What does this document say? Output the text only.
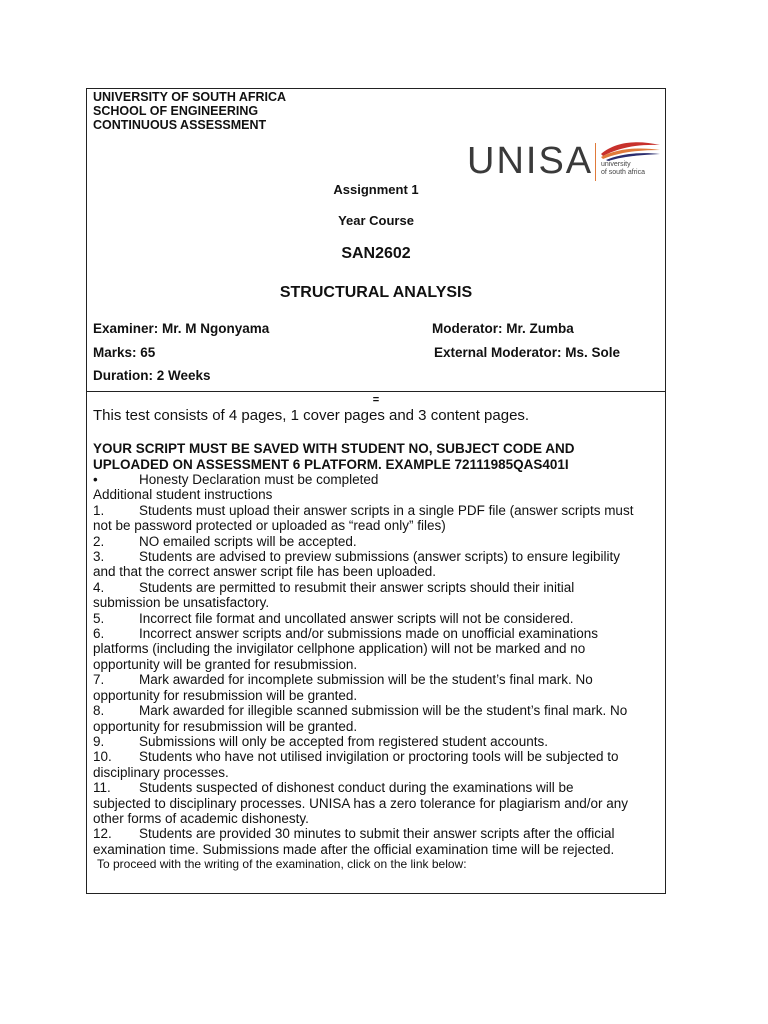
UNIVERSITY OF SOUTH AFRICA
SCHOOL OF ENGINEERING
CONTINUOUS ASSESSMENT
UNISA university
of south africa
Assignment 1
Year Course
SAN2602
STRUCTURAL ANALYSIS
Examiner: Mr. M Ngonyama	Moderator: Mr. Zumba
Marks: 65	External Moderator: Ms. Sole
Duration: 2 Weeks
=
This test consists of 4 pages, 1 cover pages and 3 content pages.
YOUR SCRIPT MUST BE SAVED WITH STUDENT NO, SUBJECT CODE AND
UPLOADED ON ASSESSMENT 6 PLATFORM. EXAMPLE 72111985QAS401I
•	Honesty Declaration must be completed
Additional student instructions
1.	Students must upload their answer scripts in a single PDF file (answer scripts must
not be password protected or uploaded as “read only” files)
2.	NO emailed scripts will be accepted.
3.	Students are advised to preview submissions (answer scripts) to ensure legibility
and that the correct answer script file has been uploaded.
4.	Students are permitted to resubmit their answer scripts should their initial
submission be unsatisfactory.
5.	Incorrect file format and uncollated answer scripts will not be considered.
6.	Incorrect answer scripts and/or submissions made on unofficial examinations
platforms (including the invigilator cellphone application) will not be marked and no
opportunity will be granted for resubmission.
7.	Mark awarded for incomplete submission will be the student’s final mark. No
opportunity for resubmission will be granted.
8.	Mark awarded for illegible scanned submission will be the student’s final mark. No
opportunity for resubmission will be granted.
9.	Submissions will only be accepted from registered student accounts.
10. Students who have not utilised invigilation or proctoring tools will be subjected to
disciplinary processes.
11. Students suspected of dishonest conduct during the examinations will be
subjected to disciplinary processes. UNISA has a zero tolerance for plagiarism and/or any
other forms of academic dishonesty.
12. Students are provided 30 minutes to submit their answer scripts after the official
examination time. Submissions made after the official examination time will be rejected.
To proceed with the writing of the examination, click on the link below:
